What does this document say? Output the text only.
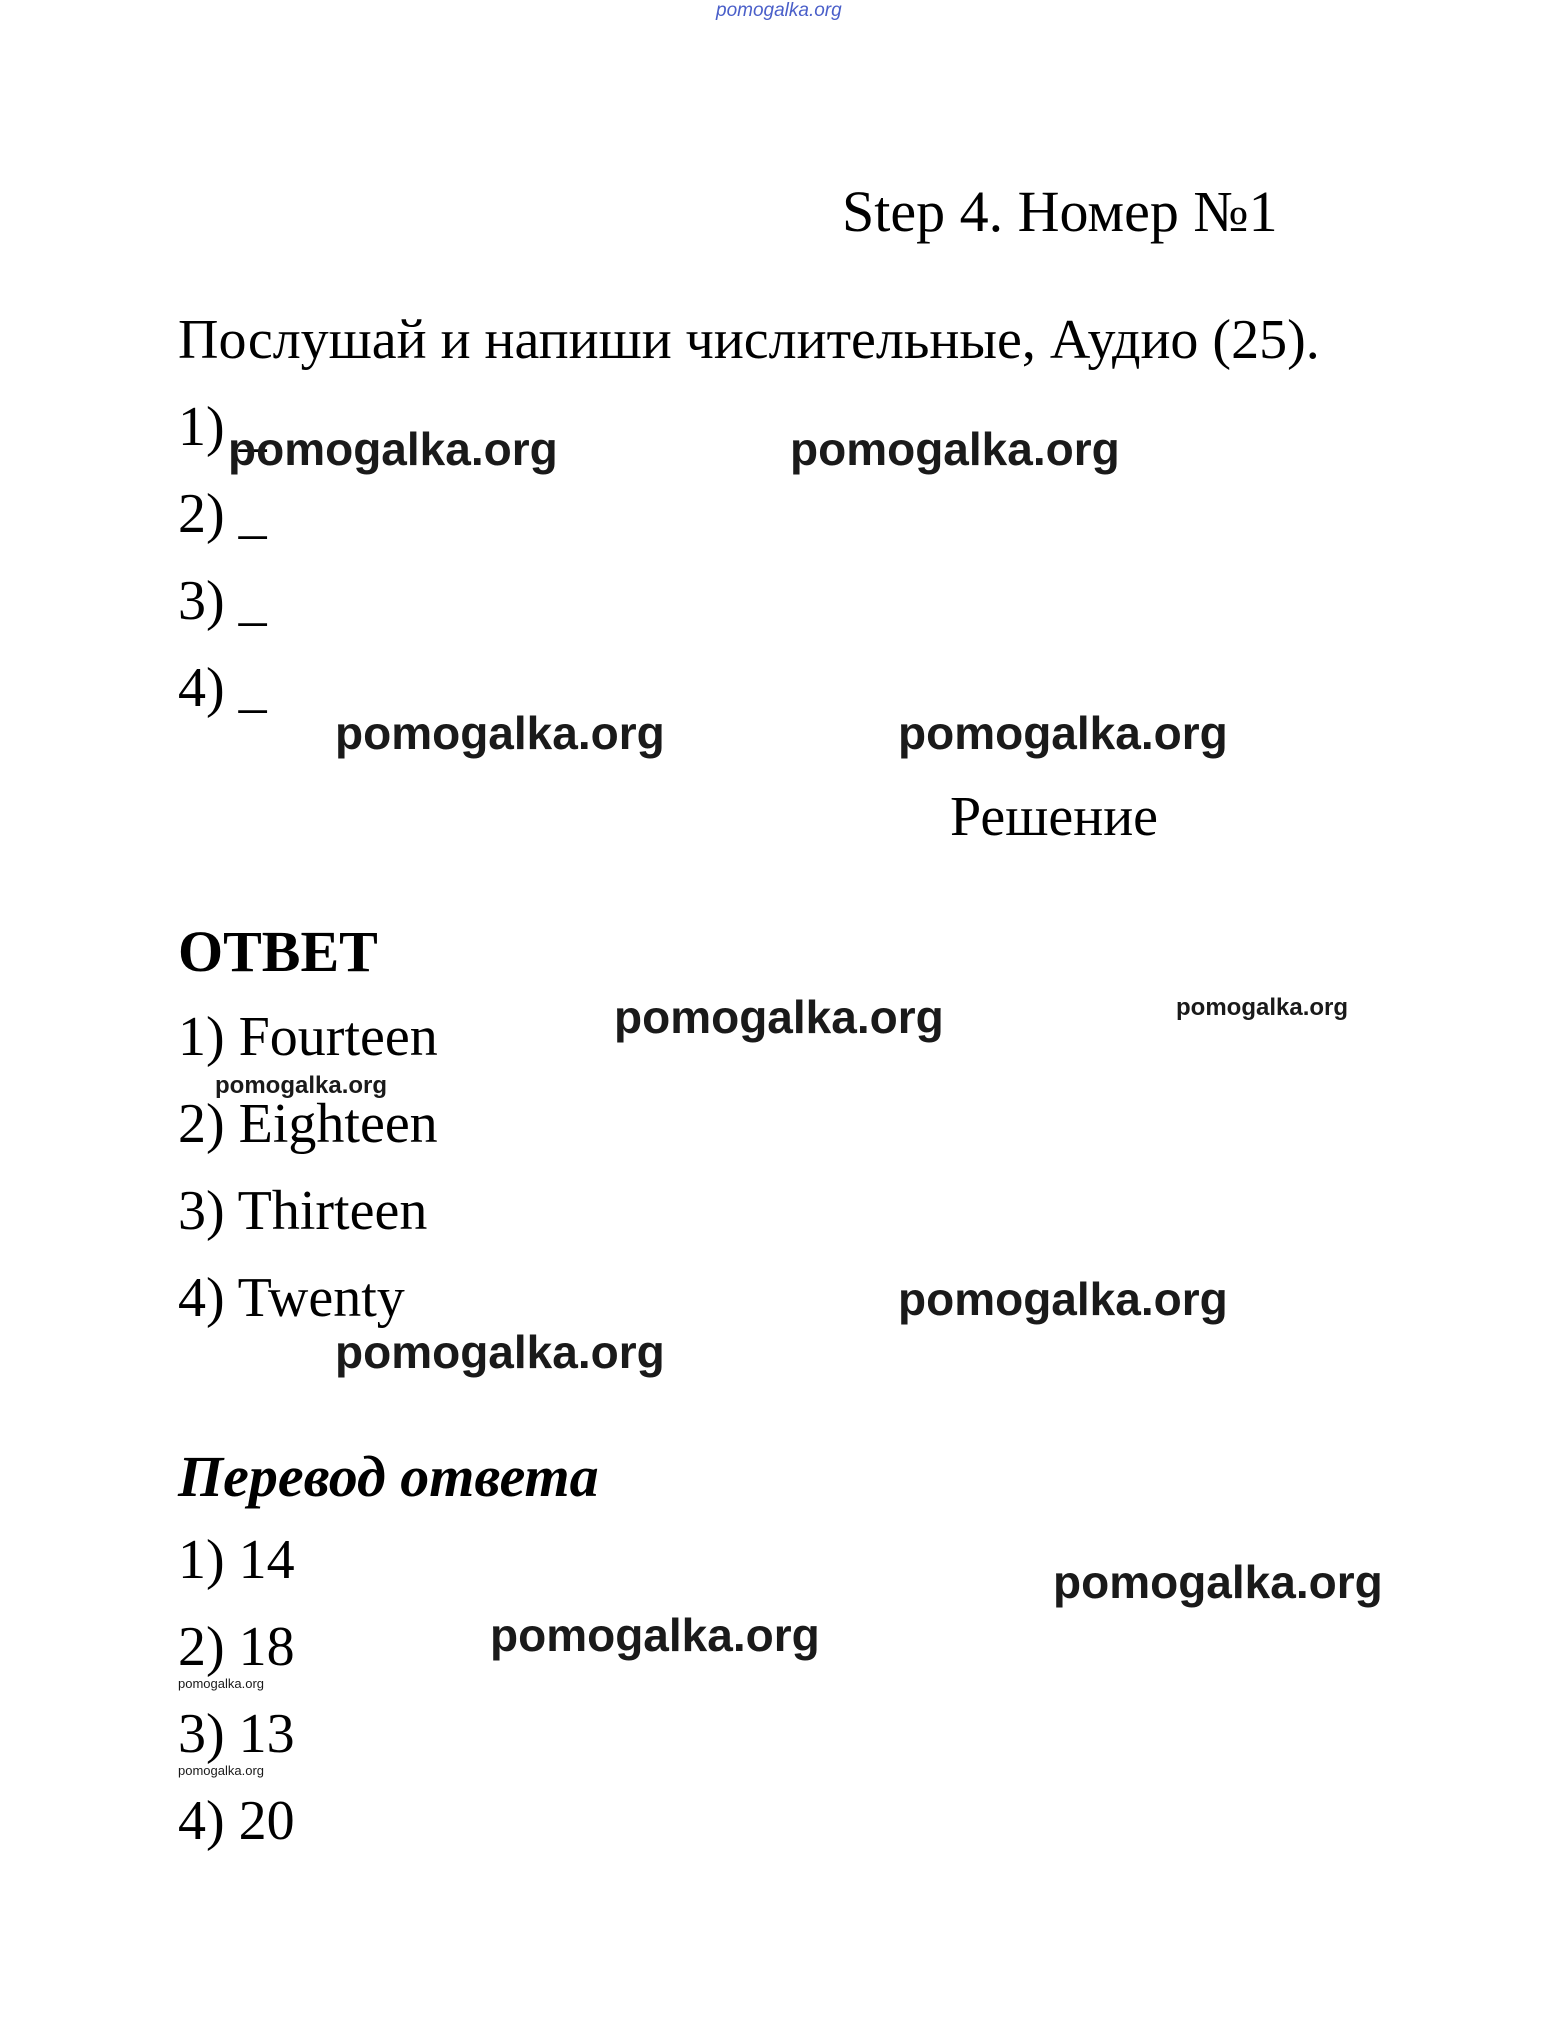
pomogalka.org
Step 4. Номер №1
Послушай и напиши числительные, Аудио (25).
1) _
2) _
3) _
4) _
Решение
ОТВЕТ
1) Fourteen
2) Eighteen
3) Thirteen
4) Twenty
Перевод ответа
1) 14
2) 18
3) 13
4) 20
pomogalka.org	pomogalka.org
pomogalka.org	pomogalka.org
pomogalka.org	pomogalka.org
pomogalka.org
pomogalka.org
pomogalka.org
pomogalka.org
pomogalka.org
pomogalka.org
pomogalka.org
